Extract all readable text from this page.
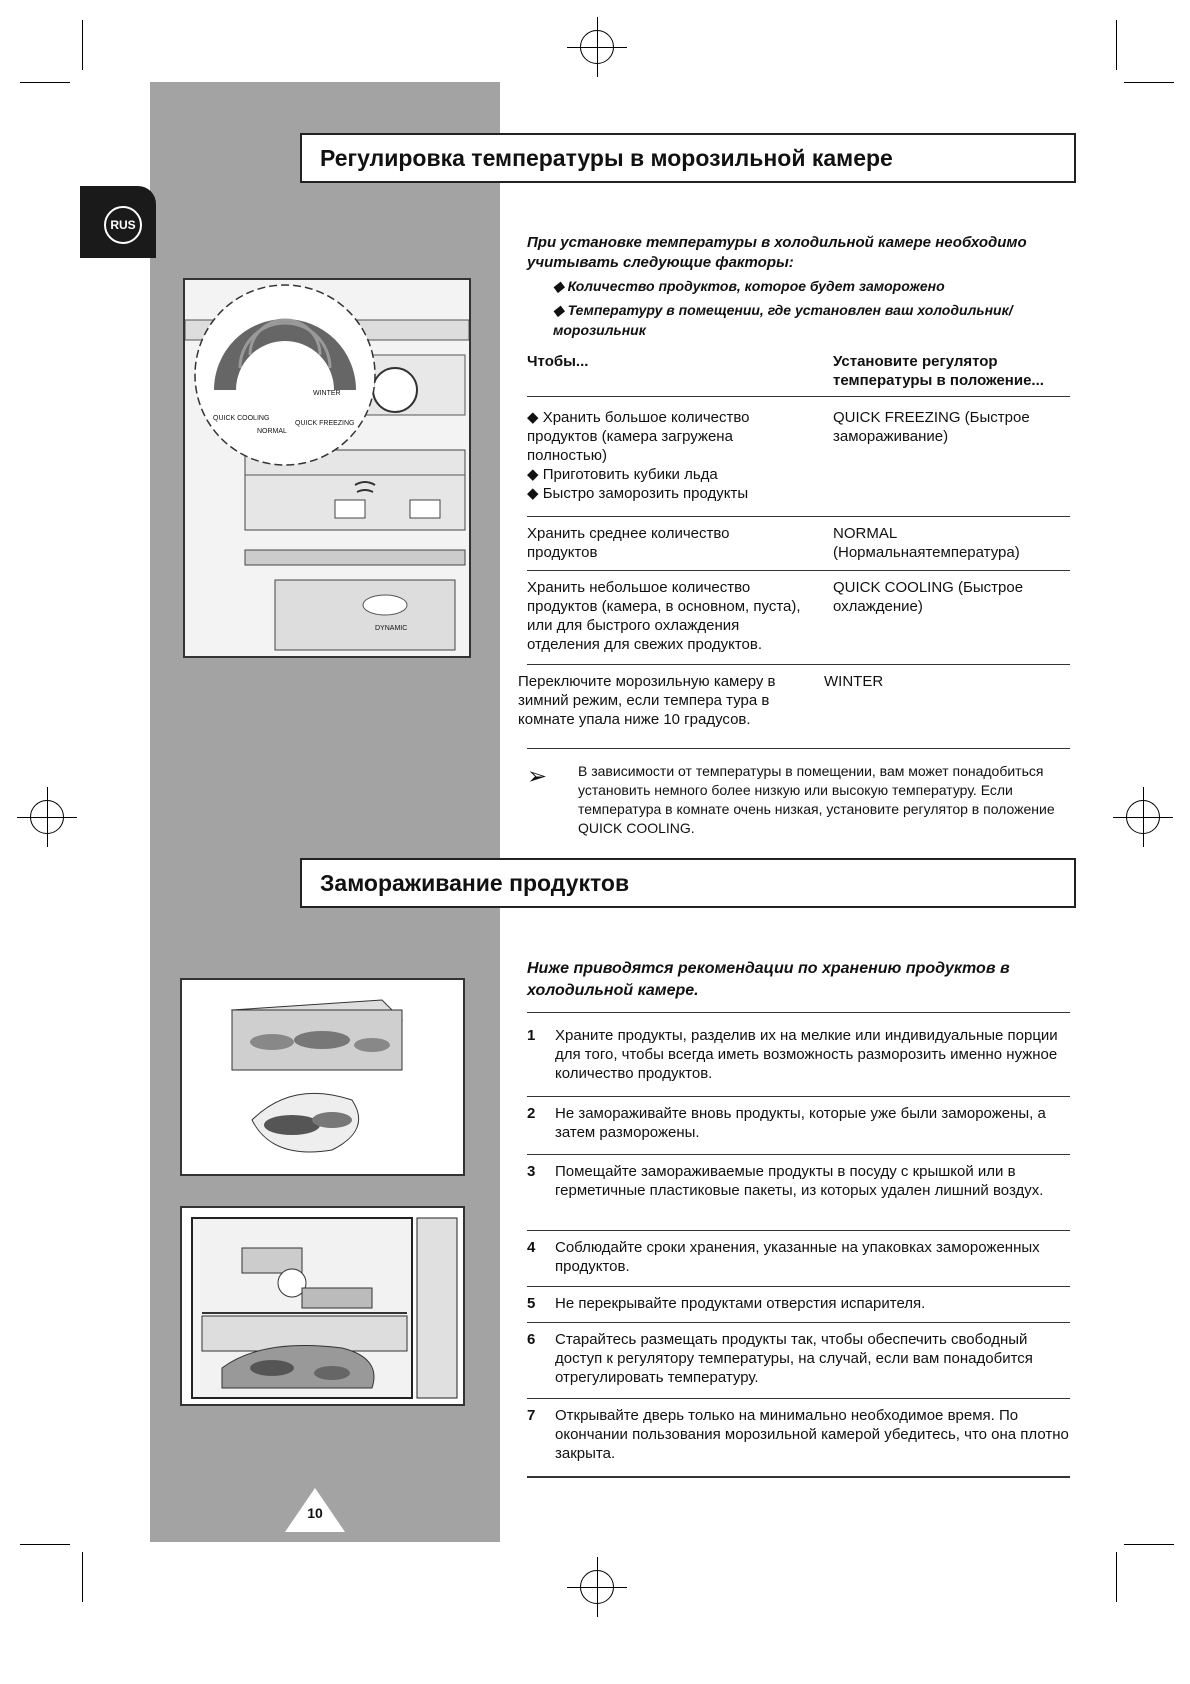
RUS
Регулировка температуры в морозильной камере
QUICK COOLING
NORMAL
QUICK FREEZING
WINTER
DYNAMIC
При установке температуры в холодильной камере необходимо учитывать следующие факторы:
◆ Количество продуктов, которое будет заморожено
◆ Температуру в помещении, где установлен ваш холодильник/морозильник
Чтобы...	Установите регулятор температуры в положение...
◆ Хранить большое количество продуктов (камера загружена полностью)
◆ Приготовить кубики льда
◆ Быстро заморозить продукты
QUICK FREEZING (Быстрое замораживание)
Хранить среднее количество продуктов
NORMAL (Нормальнаятемпература)
Хранить небольшое количество продуктов (камера, в основном, пуста), или для быстрого охлаждения отделения для свежих продуктов.
QUICK COOLING (Быстрое охлаждение)
Переключите морозильную камеру в зимний режим, если темпера тура в комнате упала ниже 10 градусов.
WINTER
➢ В зависимости от температуры в помещении, вам может понадобиться установить немного более низкую или высокую температуру. Если температура в комнате очень низкая, установите регулятор в положение QUICK COOLING.
Замораживание продуктов
Ниже приводятся рекомендации по хранению продуктов в холодильной камере.
1 Храните продукты, разделив их на мелкие или индивидуальные порции для того, чтобы всегда иметь возможность разморозить именно нужное количество продуктов.
2 Не замораживайте вновь продукты, которые уже были заморожены, а затем разморожены.
3 Помещайте замораживаемые продукты в посуду с крышкой или в герметичные пластиковые пакеты, из которых удален лишний воздух.
4 Соблюдайте сроки хранения, указанные на упаковках замороженных продуктов.
5 Не перекрывайте продуктами отверстия испарителя.
6 Старайтесь размещать продукты так, чтобы обеспечить свободный доступ к регулятору температуры, на случай, если вам понадобится отрегулировать температуру.
7 Открывайте дверь только на минимально необходимое время. По окончании пользования морозильной камерой убедитесь, что она плотно закрыта.
10
